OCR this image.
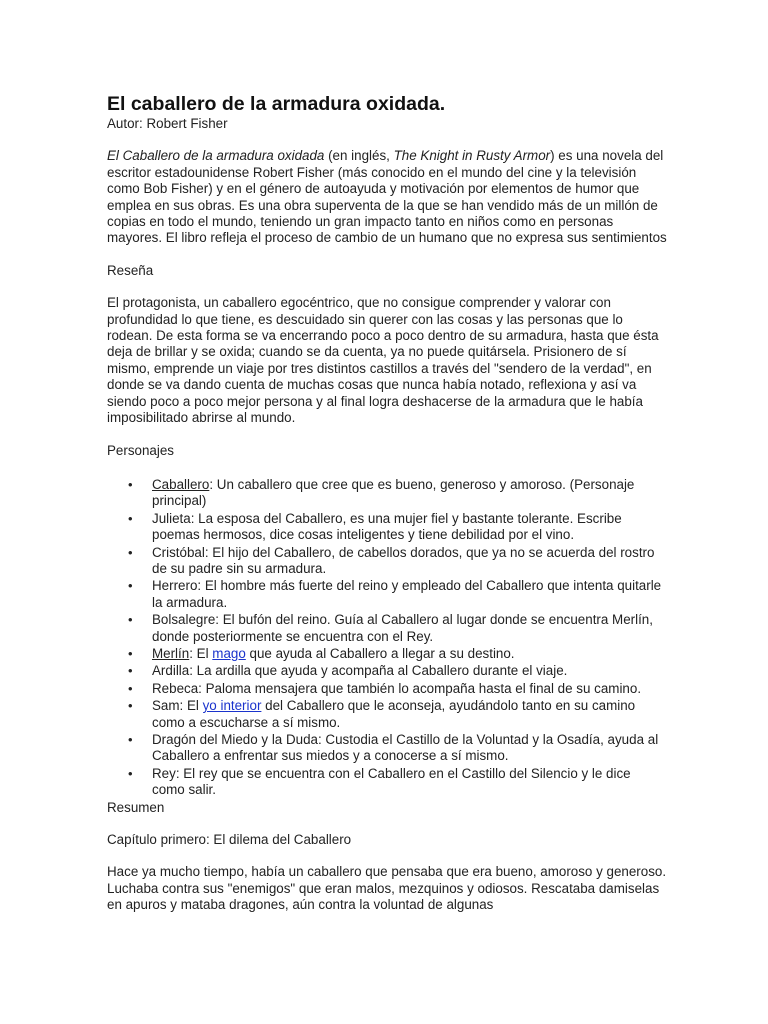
El caballero de la armadura oxidada.

Autor: Robert Fisher

El Caballero de la armadura oxidada (en inglés, The Knight in Rusty Armor) es una novela del escritor estadounidense Robert Fisher (más conocido en el mundo del cine y la televisión como Bob Fisher) y en el género de autoayuda y motivación por elementos de humor que emplea en sus obras. Es una obra superventa de la que se han vendido más de un millón de copias en todo el mundo, teniendo un gran impacto tanto en niños como en personas mayores. El libro refleja el proceso de cambio de un humano que no expresa sus sentimientos

Reseña

El protagonista, un caballero egocéntrico, que no consigue comprender y valorar con profundidad lo que tiene, es descuidado sin querer con las cosas y las personas que lo rodean. De esta forma se va encerrando poco a poco dentro de su armadura, hasta que ésta deja de brillar y se oxida; cuando se da cuenta, ya no puede quitársela. Prisionero de sí mismo, emprende un viaje por tres distintos castillos a través del "sendero de la verdad", en donde se va dando cuenta de muchas cosas que nunca había notado, reflexiona y así va siendo poco a poco mejor persona y al final logra deshacerse de la armadura que le había imposibilitado abrirse al mundo.

Personajes

• Caballero: Un caballero que cree que es bueno, generoso y amoroso. (Personaje principal)
• Julieta: La esposa del Caballero, es una mujer fiel y bastante tolerante. Escribe poemas hermosos, dice cosas inteligentes y tiene debilidad por el vino.
• Cristóbal: El hijo del Caballero, de cabellos dorados, que ya no se acuerda del rostro de su padre sin su armadura.
• Herrero: El hombre más fuerte del reino y empleado del Caballero que intenta quitarle la armadura.
• Bolsalegre: El bufón del reino. Guía al Caballero al lugar donde se encuentra Merlín, donde posteriormente se encuentra con el Rey.
• Merlín: El mago que ayuda al Caballero a llegar a su destino.
• Ardilla: La ardilla que ayuda y acompaña al Caballero durante el viaje.
• Rebeca: Paloma mensajera que también lo acompaña hasta el final de su camino.
• Sam: El yo interior del Caballero que le aconseja, ayudándolo tanto en su camino como a escucharse a sí mismo.
• Dragón del Miedo y la Duda: Custodia el Castillo de la Voluntad y la Osadía, ayuda al Caballero a enfrentar sus miedos y a conocerse a sí mismo.
• Rey: El rey que se encuentra con el Caballero en el Castillo del Silencio y le dice como salir.

Resumen

Capítulo primero: El dilema del Caballero

Hace ya mucho tiempo, había un caballero que pensaba que era bueno, amoroso y generoso. Luchaba contra sus "enemigos" que eran malos, mezquinos y odiosos. Rescataba damiselas en apuros y mataba dragones, aún contra la voluntad de algunas
